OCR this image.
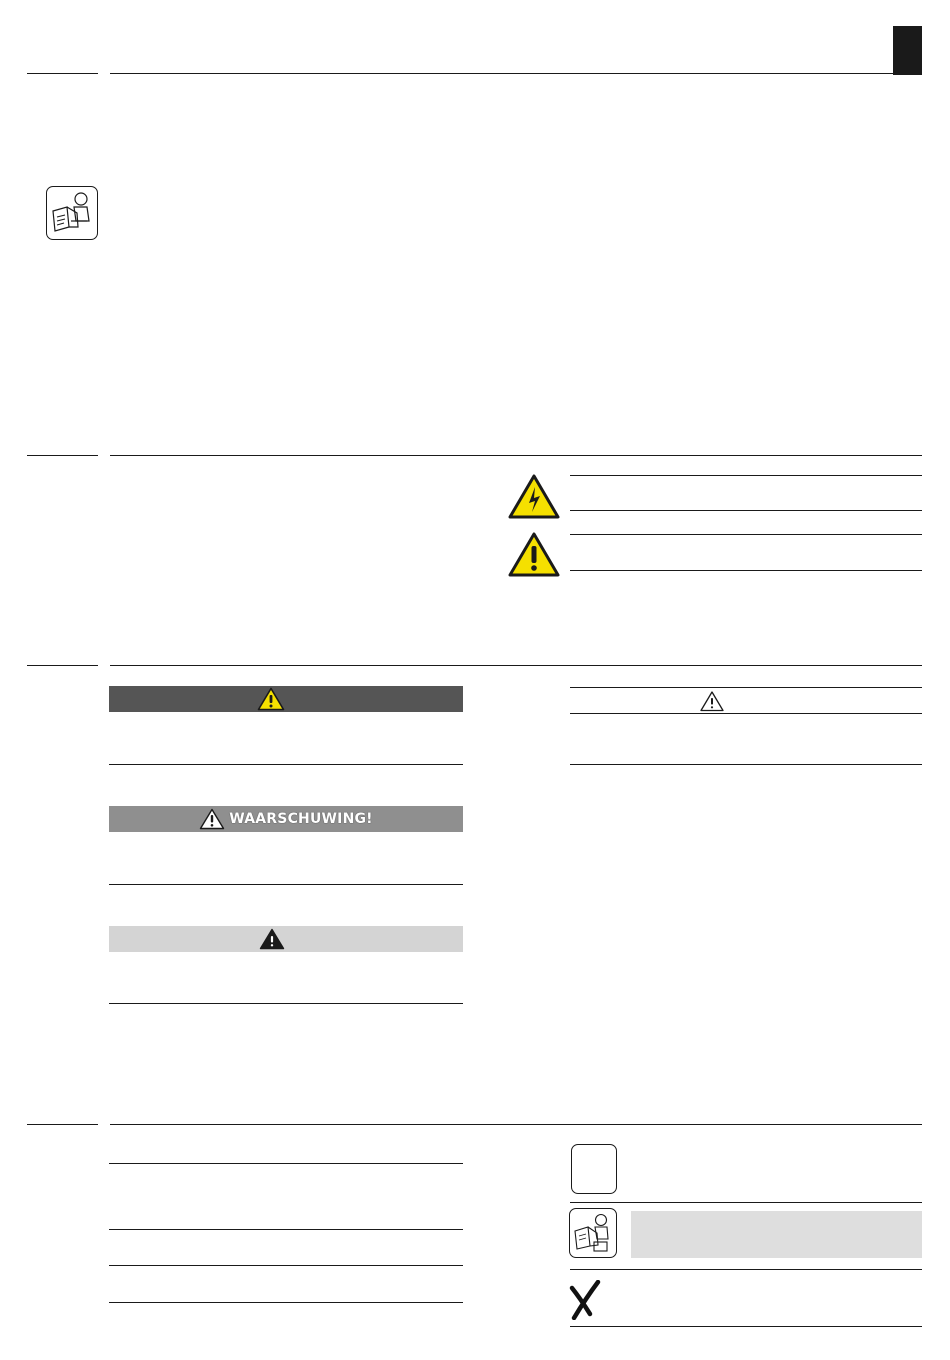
WAARSCHUWING!
